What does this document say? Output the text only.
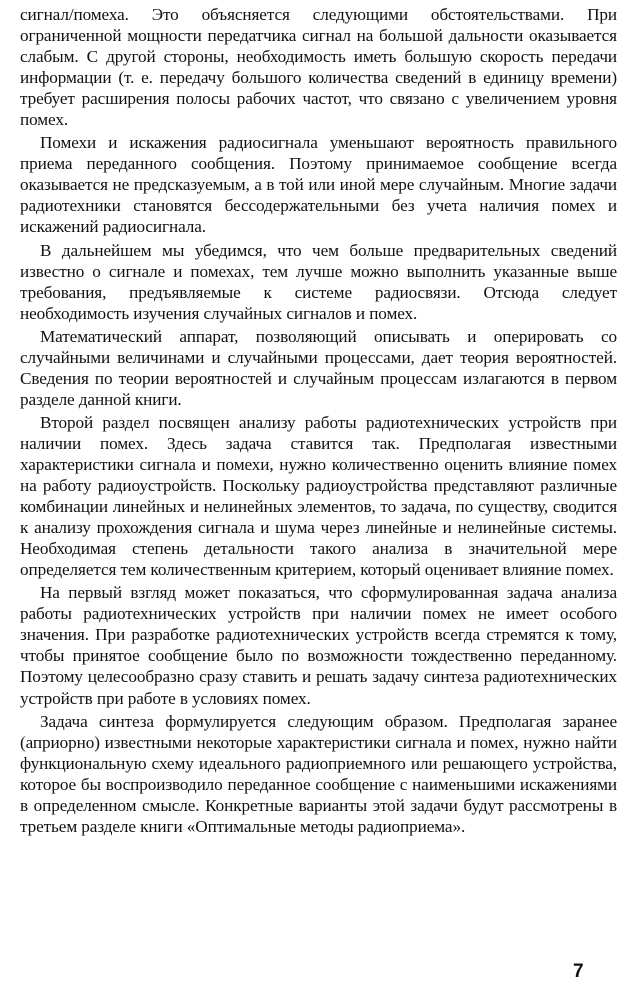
сигнал/помеха. Это объясняется следующими обстоятельствами. При ограниченной мощности передатчика сигнал на большой дальности оказывается слабым. С другой стороны, необходимость иметь большую скорость передачи информации (т. е. передачу большого количества сведений в единицу времени) требует расширения полосы рабочих частот, что связано с увеличением уровня помех.

Помехи и искажения радиосигнала уменьшают вероятность правильного приема переданного сообщения. Поэтому принимаемое сообщение всегда оказывается не предсказуемым, а в той или иной мере случайным. Многие задачи радиотехники становятся бессодержательными без учета наличия помех и искажений радиосигнала.

В дальнейшем мы убедимся, что чем больше предварительных сведений известно о сигнале и помехах, тем лучше можно выполнить указанные выше требования, предъявляемые к системе радиосвязи. Отсюда следует необходимость изучения случайных сигналов и помех.

Математический аппарат, позволяющий описывать и оперировать со случайными величинами и случайными процессами, дает теория вероятностей. Сведения по теории вероятностей и случайным процессам излагаются в первом разделе данной книги.

Второй раздел посвящен анализу работы радиотехнических устройств при наличии помех. Здесь задача ставится так. Предполагая известными характеристики сигнала и помехи, нужно количественно оценить влияние помех на работу радиоустройств. Поскольку радиоустройства представляют различные комбинации линейных и нелинейных элементов, то задача, по существу, сводится к анализу прохождения сигнала и шума через линейные и нелинейные системы. Необходимая степень детальности такого анализа в значительной мере определяется тем количественным критерием, который оценивает влияние помех.

На первый взгляд может показаться, что сформулированная задача анализа работы радиотехнических устройств при наличии помех не имеет особого значения. При разработке радиотехнических устройств всегда стремятся к тому, чтобы принятое сообщение было по возможности тождественно переданному. Поэтому целесообразно сразу ставить и решать задачу синтеза радиотехнических устройств при работе в условиях помех.

Задача синтеза формулируется следующим образом. Предполагая заранее (априорно) известными некоторые характеристики сигнала и помех, нужно найти функциональную схему идеального радиоприемного или решающего устройства, которое бы воспроизводило переданное сообщение с наименьшими искажениями в определенном смысле. Конкретные варианты этой задачи будут рассмотрены в третьем разделе книги «Оптимальные методы радиоприема».

7
